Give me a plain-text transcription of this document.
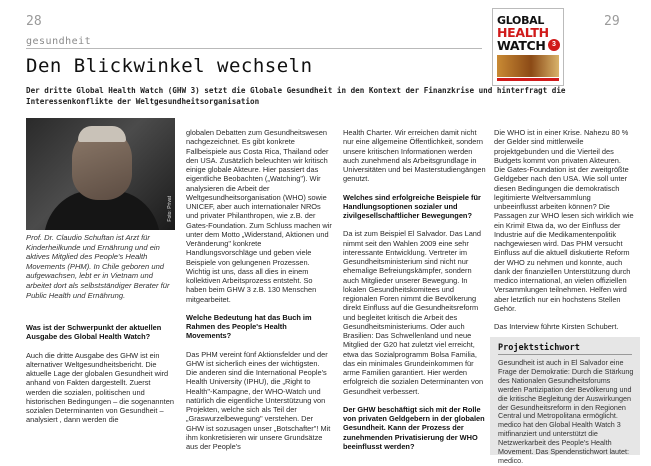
28	29
gesundheit
Den Blickwinkel wechseln
Der dritte Global Health Watch (GHW 3) setzt die Globale Gesundheit in den Kontext der Finanzkrise und hinterfragt die Interessenkonflikte der Weltgesundheitsorganisation
Foto: Privat
Prof. Dr. Claudio Schuftan ist Arzt für Kinderheilkunde und Ernährung und ein aktives Mitglied des People's Health Movements (PHM). In Chile geboren und aufgewachsen, lebt er in Vietnam und arbeitet dort als selbstständiger Berater für Public Health und Ernährung.

Was ist der Schwerpunkt der aktuellen Ausgabe des Global Health Watch?

Auch die dritte Ausgabe des GHW ist ein alternativer Weltgesundheitsbericht. Die aktuelle Lage der globalen Gesundheit wird anhand von Fakten dargestellt. Zuerst werden die sozialen, politischen und historischen Bedingungen – die sogenannten sozialen Determinanten von Gesundheit – analysiert , dann werden die

globalen Debatten zum Gesundheitswesen nachgezeichnet. Es gibt konkrete Fallbeispiele aus Costa Rica, Thailand oder den USA. Zusätzlich beleuchten wir kritisch einige globale Akteure. Hier passiert das eigentliche Beobachten („Watching"). Wir analysieren die Arbeit der Weltgesundheitsorganisation (WHO) sowie UNICEF, aber auch internationaler NROs und privater Philanthropen, wie z.B. der Gates-Foundation. Zum Schluss machen wir unter dem Motto „Widerstand, Aktionen und Veränderung" konkrete Handlungsvorschläge und geben viele Beispiele von gelungenen Prozessen. Wichtig ist uns, dass all dies in einem kollektiven Arbeitsprozess entsteht. So haben beim GHW 3 z.B. 130 Menschen mitgearbeitet.

Welche Bedeutung hat das Buch im Rahmen des People's Health Movements?

Das PHM vereint fünf Aktionsfelder und der GHW ist sicherlich eines der wichtigsten. Die anderen sind die International People's Health University (IPHU), die „Right to Health"-Kampagne, der WHO-Watch und natürlich die eigentliche Unterstützung von Projekten, welche sich als Teil der „Graswurzelbewegung" verstehen. Der GHW ist sozusagen unser „Botschafter"! Mit ihm konkretisieren wir unsere Grundsätze aus der People's

Health Charter. Wir erreichen damit nicht nur eine allgemeine Öffentlichkeit, sondern unsere kritischen Informationen werden auch zunehmend als Arbeitsgrundlage in Universitäten und bei Masterstudiengängen genutzt.

Welches sind erfolgreiche Beispiele für Handlungsoptionen sozialer und zivilgesellschaftlicher Bewegungen?

Da ist zum Beispiel El Salvador. Das Land nimmt seit den Wahlen 2009 eine sehr interessante Entwicklung. Vertreter im Gesundheitsministerium sind nicht nur ehemalige Befreiungskämpfer, sondern auch Mitglieder unserer Bewegung. In lokalen Gesundheitskomitees und regionalen Foren nimmt die Bevölkerung direkt Einfluss auf die Gesundheitsreform und begleitet kritisch die Arbeit des Gesundheitsministeriums. Oder auch Brasilien: Das Schwellenland und neue Mitglied der G20 hat zuletzt viel erreicht, etwa das Sozialprogramm Bolsa Familia, das ein minimales Grundeinkommen für arme Familien garantiert. Hier werden erfolgreich die sozialen Determinanten von Gesundheit verbessert.

Der GHW beschäftigt sich mit der Rolle von privaten Geldgebern in der globalen Gesundheit. Kann der Prozess der zunehmenden Privatisierung der WHO beeinflusst werden?

Die WHO ist in einer Krise. Nahezu 80 % der Gelder sind mittlerweile projektgebunden und die Vierteil des Budgets kommt von privaten Akteuren. Die Gates-Foundation ist der zweitgrößte Geldgeber nach den USA. Wie soll unter diesen Bedingungen die demokratisch legitimierte Weltversammlung unbeeinflusst arbeiten können? Die Passagen zur WHO lesen sich wirklich wie ein Krimi! Etwa da, wo der Einfluss der Industrie auf die Medikamentenpolitik nachgewiesen wird. Das PHM versucht Einfluss auf die aktuell diskutierte Reform der WHO zu nehmen und konnte, auch dank der finanziellen Unterstützung durch medico international, an vielen offiziellen Versammlungen teilnehmen. Helfen wird aber letztlich nur ein hochstens Stellen Gehör.

Das Interview führte Kirsten Schubert.

GLOBAL
HEALTH
WATCH 3
Projektstichwort
Gesundheit ist auch in El Salvador eine Frage der Demokratie: Durch die Stärkung des Nationalen Gesundheitsforums werden Partizipation der Bevölkerung und die kritische Begleitung der Auswirkungen der Gesundheitsreform in den Regionen Central und Metropolitana ermöglicht. medico hat den Global Health Watch 3 mitfinanziert und unterstützt die Netzwerkarbeit des People's Health Movement. Das Spendenstichwort lautet: medico.
